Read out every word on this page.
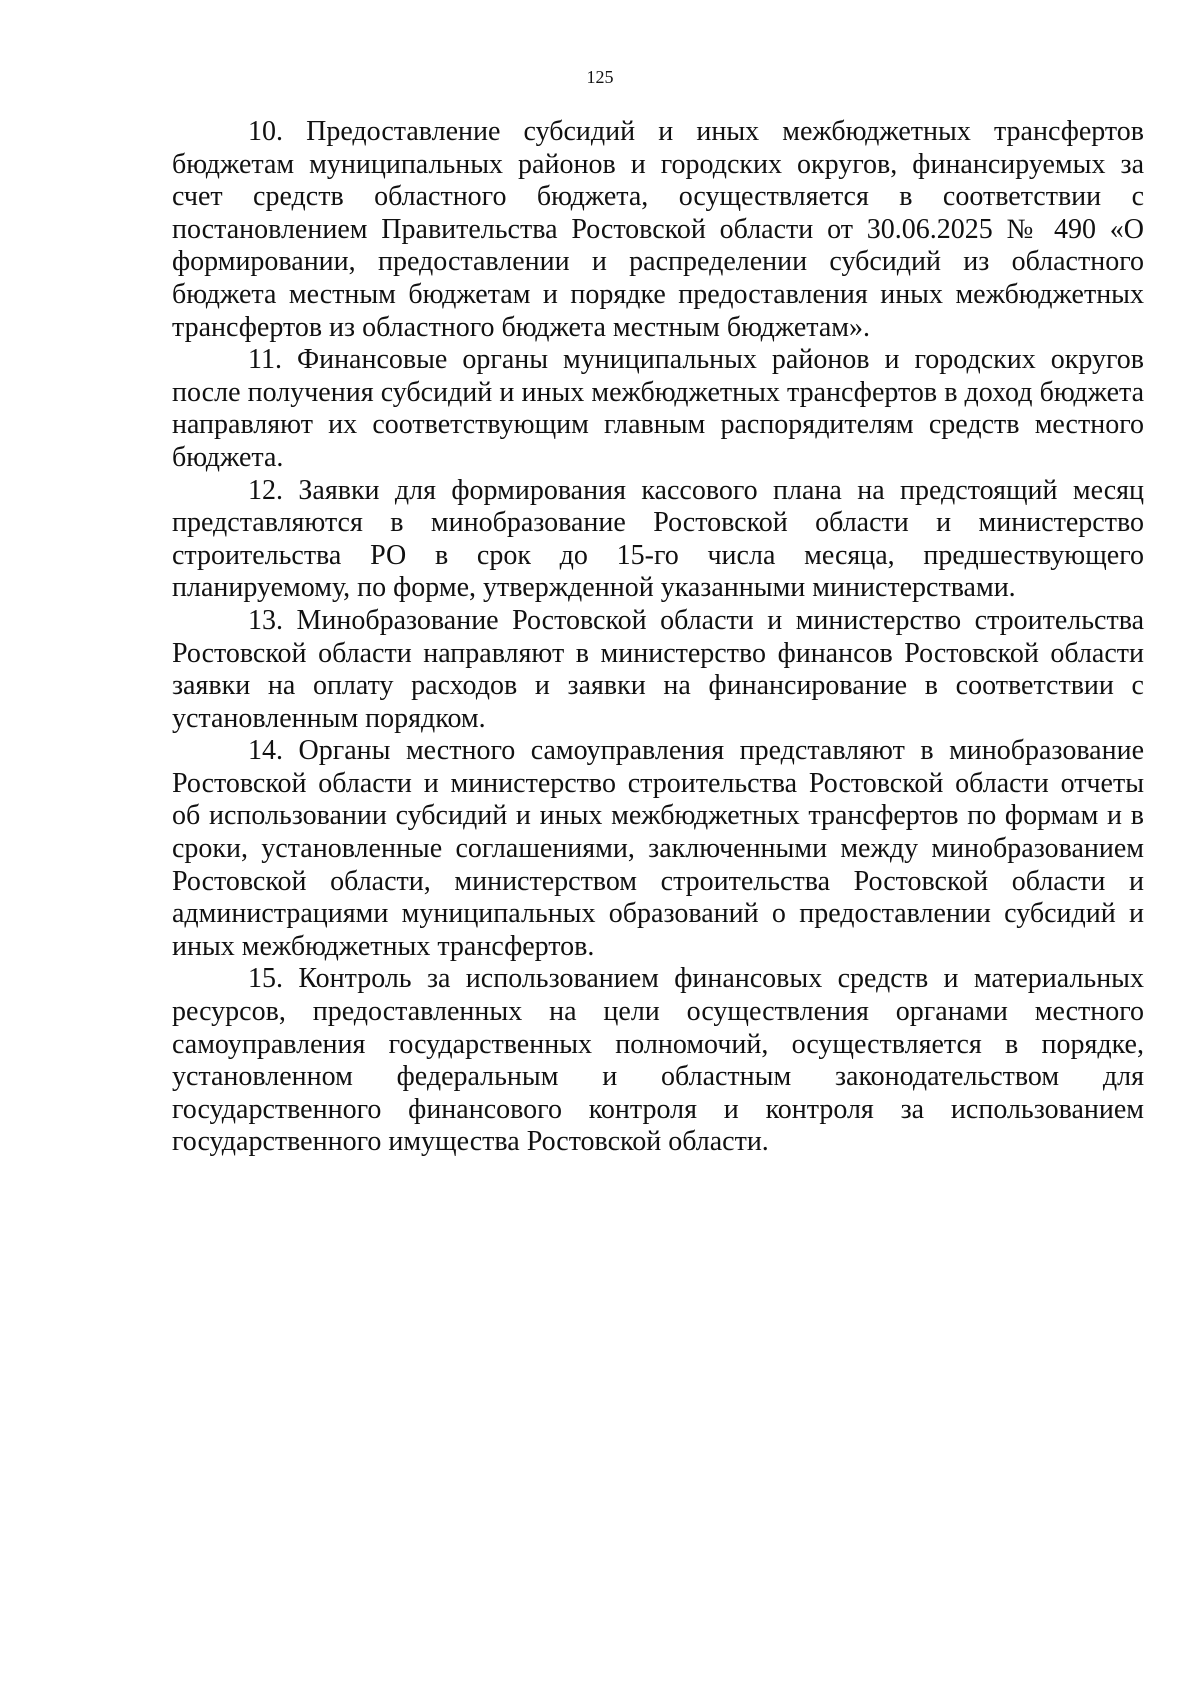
125

10. Предоставление субсидий и иных межбюджетных трансфертов бюджетам муниципальных районов и городских округов, финансируемых за счет средств областного бюджета, осуществляется в соответствии с постановлением Правительства Ростовской области от 30.06.2025 № 490 «О формировании, предоставлении и распределении субсидий из областного бюджета местным бюджетам и порядке предоставления иных межбюджетных трансфертов из областного бюджета местным бюджетам».

11. Финансовые органы муниципальных районов и городских округов после получения субсидий и иных межбюджетных трансфертов в доход бюджета направляют их соответствующим главным распорядителям средств местного бюджета.

12. Заявки для формирования кассового плана на предстоящий месяц представляются в минобразование Ростовской области и министерство строительства РО в срок до 15-го числа месяца, предшествующего планируемому, по форме, утвержденной указанными министерствами.

13. Минобразование Ростовской области и министерство строительства Ростовской области направляют в министерство финансов Ростовской области заявки на оплату расходов и заявки на финансирование в соответствии с установленным порядком.

14. Органы местного самоуправления представляют в минобразование Ростовской области и министерство строительства Ростовской области отчеты об использовании субсидий и иных межбюджетных трансфертов по формам и в сроки, установленные соглашениями, заключенными между минобразованием Ростовской области, министерством строительства Ростовской области и администрациями муниципальных образований о предоставлении субсидий и иных межбюджетных трансфертов.

15. Контроль за использованием финансовых средств и материальных ресурсов, предоставленных на цели осуществления органами местного самоуправления государственных полномочий, осуществляется в порядке, установленном федеральным и областным законодательством для государственного финансового контроля и контроля за использованием государственного имущества Ростовской области.
